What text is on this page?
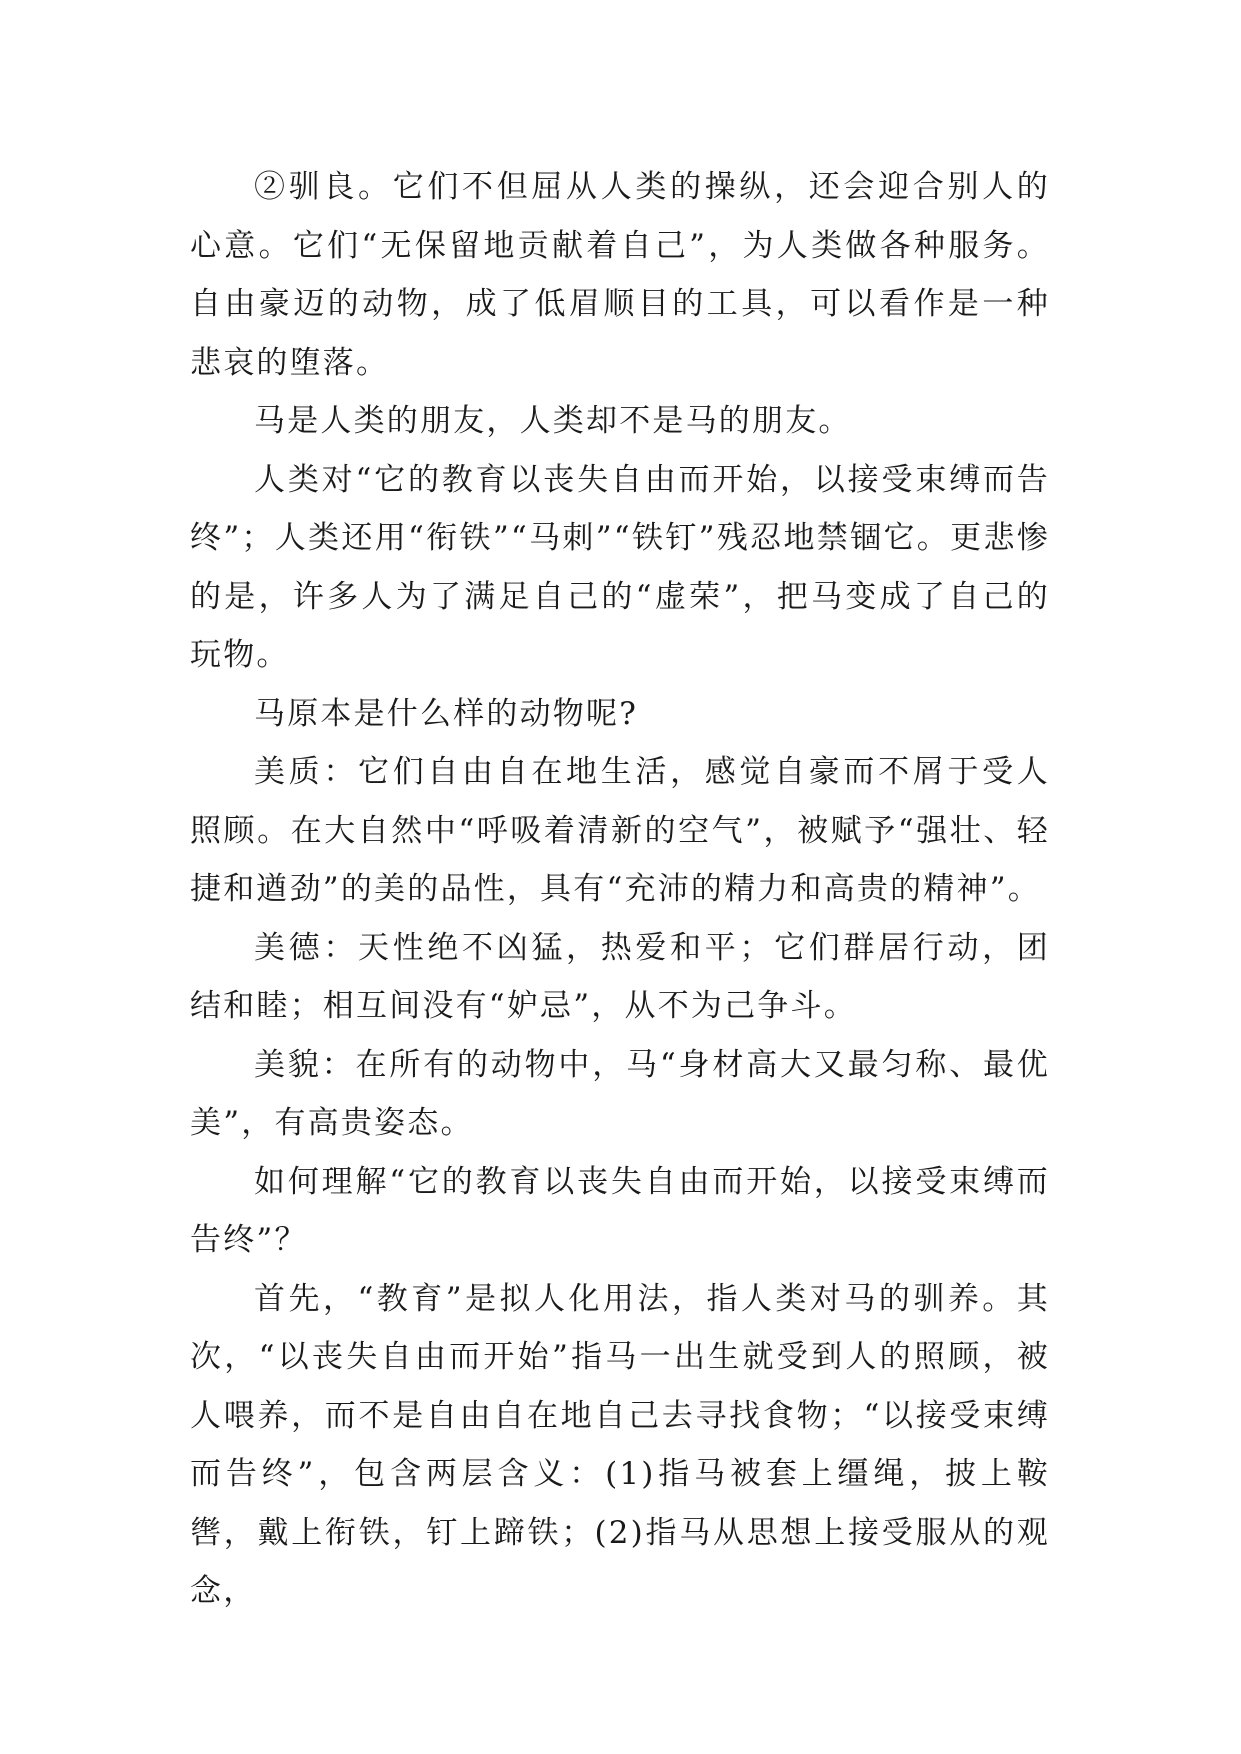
②驯良。它们不但屈从人类的操纵，还会迎合别人的心意。它们“无保留地贡献着自己”，为人类做各种服务。自由豪迈的动物，成了低眉顺目的工具，可以看作是一种悲哀的堕落。

马是人类的朋友，人类却不是马的朋友。

人类对“它的教育以丧失自由而开始，以接受束缚而告终”；人类还用“衔铁”“马刺”“铁钉”残忍地禁锢它。更悲惨的是，许多人为了满足自己的“虚荣”，把马变成了自己的玩物。

马原本是什么样的动物呢?

美质：它们自由自在地生活，感觉自豪而不屑于受人照顾。在大自然中“呼吸着清新的空气”，被赋予“强壮、轻捷和遒劲”的美的品性，具有“充沛的精力和高贵的精神”。

美德：天性绝不凶猛，热爱和平；它们群居行动，团结和睦；相互间没有“妒忌”，从不为己争斗。

美貌：在所有的动物中，马“身材高大又最匀称、最优美”，有高贵姿态。

如何理解“它的教育以丧失自由而开始，以接受束缚而告终”？

首先，“教育”是拟人化用法，指人类对马的驯养。其次，“以丧失自由而开始”指马一出生就受到人的照顾，被人喂养，而不是自由自在地自己去寻找食物；“以接受束缚而告终”，包含两层含义：(1)指马被套上缰绳，披上鞍辔，戴上衔铁，钉上蹄铁；(2)指马从思想上接受服从的观念，
